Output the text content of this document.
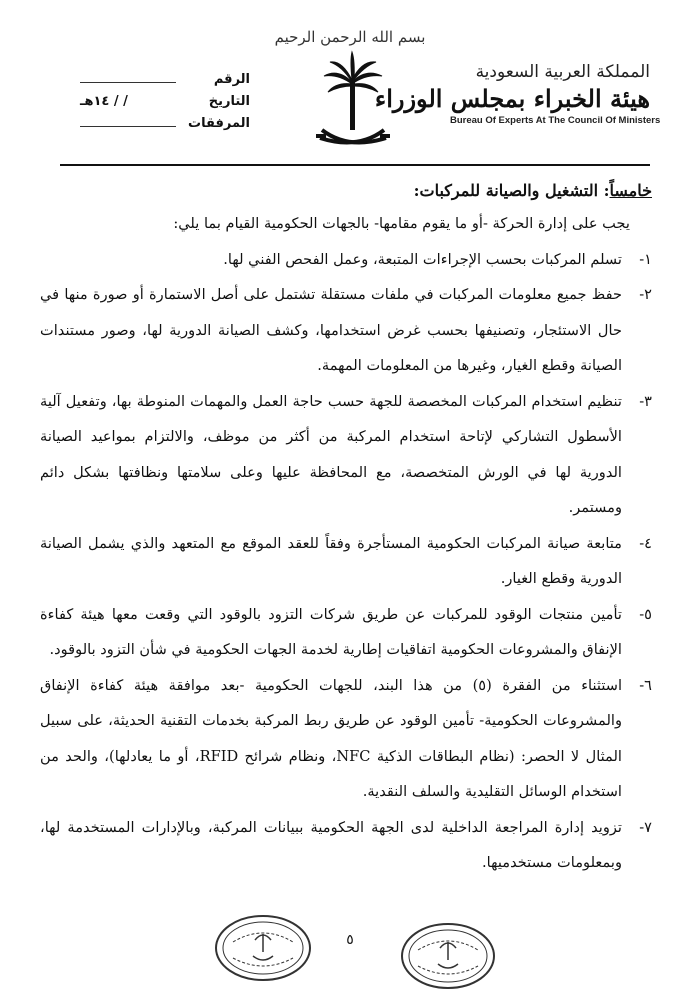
بسم الله الرحمن الرحيم
المملكة العربية السعودية
هيئة الخبراء بمجلس الوزراء
Bureau Of Experts At The Council Of Ministers
الرقم
التاريخ
/ / ١٤هـ
المرفقات

خامساً: التشغيل والصيانة للمركبات:

يجب على إدارة الحركة -أو ما يقوم مقامها- بالجهات الحكومية القيام بما يلي:

١-
تسلم المركبات بحسب الإجراءات المتبعة، وعمل الفحص الفني لها.
٢-
حفظ جميع معلومات المركبات في ملفات مستقلة تشتمل على أصل الاستمارة أو صورة منها في حال الاستئجار، وتصنيفها بحسب غرض استخدامها، وكشف الصيانة الدورية لها، وصور مستندات الصيانة وقطع الغيار، وغيرها من المعلومات المهمة.
٣-
تنظيم استخدام المركبات المخصصة للجهة حسب حاجة العمل والمهمات المنوطة بها، وتفعيل آلية الأسطول التشاركي لإتاحة استخدام المركبة من أكثر من موظف، والالتزام بمواعيد الصيانة الدورية لها في الورش المتخصصة، مع المحافظة عليها وعلى سلامتها ونظافتها بشكل دائم ومستمر.
٤-
متابعة صيانة المركبات الحكومية المستأجرة وفقاً للعقد الموقع مع المتعهد والذي يشمل الصيانة الدورية وقطع الغيار.
٥-
تأمين منتجات الوقود للمركبات عن طريق شركات التزود بالوقود التي وقعت معها هيئة كفاءة الإنفاق والمشروعات الحكومية اتفاقيات إطارية لخدمة الجهات الحكومية في شأن التزود بالوقود.
٦-
استثناء من الفقرة (٥) من هذا البند، للجهات الحكومية -بعد موافقة هيئة كفاءة الإنفاق والمشروعات الحكومية- تأمين الوقود عن طريق ربط المركبة بخدمات التقنية الحديثة، على سبيل المثال لا الحصر: (نظام البطاقات الذكية NFC، ونظام شرائح RFID، أو ما يعادلها)، والحد من استخدام الوسائل التقليدية والسلف النقدية.
٧-
تزويد إدارة المراجعة الداخلية لدى الجهة الحكومية ببيانات المركبة، وبالإدارات المستخدمة لها، وبمعلومات مستخدميها.
٥
